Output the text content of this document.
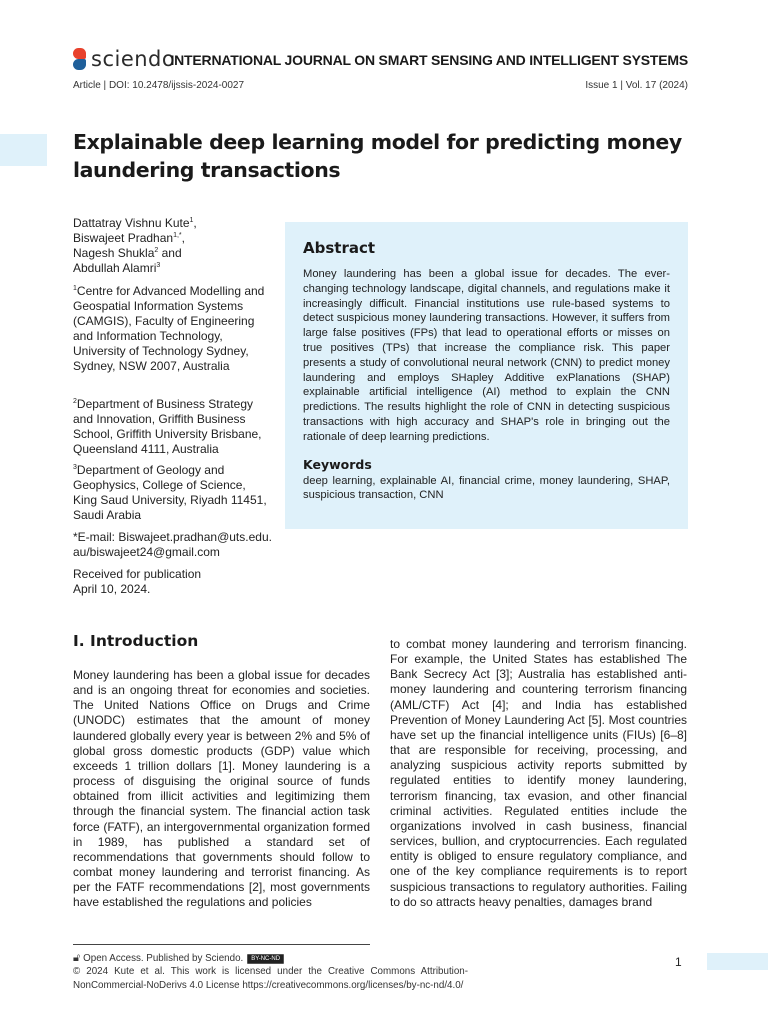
sciendo
INTERNATIONAL JOURNAL ON SMART SENSING AND INTELLIGENT SYSTEMS
Article | DOI: 10.2478/ijssis-2024-0027	Issue 1 | Vol. 17 (2024)
Explainable deep learning model for predicting money laundering transactions
Dattatray Vishnu Kute$^1$,
Biswajeet Pradhan$^{1,*}$,
Nagesh Shukla$^2$ and
Abdullah Alamri$^3$
$^1$Centre for Advanced Modelling and Geospatial Information Systems (CAMGIS), Faculty of Engineering and Information Technology, University of Technology Sydney, Sydney, NSW 2007, Australia
$^2$Department of Business Strategy and Innovation, Griffith Business School, Griffith University Brisbane, Queensland 4111, Australia
$^3$Department of Geology and Geophysics, College of Science, King Saud University, Riyadh 11451, Saudi Arabia
*E-mail: Biswajeet.pradhan@uts.edu.au/biswajeet24@gmail.com
Received for publication
April 10, 2024.
Abstract

Money laundering has been a global issue for decades. The ever-changing technology landscape, digital channels, and regulations make it increasingly difficult. Financial institutions use rule-based systems to detect suspicious money laundering transactions. However, it suffers from large false positives (FPs) that lead to operational efforts or misses on true positives (TPs) that increase the compliance risk. This paper presents a study of convolutional neural network (CNN) to predict money laundering and employs SHapley Additive exPlanations (SHAP) explainable artificial intelligence (AI) method to explain the CNN predictions. The results highlight the role of CNN in detecting suspicious transactions with high accuracy and SHAP's role in bringing out the rationale of deep learning predictions.

Keywords

deep learning, explainable AI, financial crime, money laundering, SHAP, suspicious transaction, CNN

I. Introduction

Money laundering has been a global issue for decades and is an ongoing threat for economies and societies. The United Nations Office on Drugs and Crime (UNODC) estimates that the amount of money laundered globally every year is between 2% and 5% of global gross domestic products (GDP) value which exceeds 1 trillion dollars [1]. Money laundering is a process of disguising the original source of funds obtained from illicit activities and legitimizing them through the financial system. The financial action task force (FATF), an intergovernmental organization formed in 1989, has published a standard set of recommendations that governments should follow to combat money laundering and terrorist financing. As per the FATF recommendations [2], most governments have established the regulations and policies

to combat money laundering and terrorism financing. For example, the United States has established The Bank Secrecy Act [3]; Australia has established anti-money laundering and countering terrorism financing (AML/CTF) Act [4]; and India has established Prevention of Money Laundering Act [5]. Most countries have set up the financial intelligence units (FIUs) [6–8] that are responsible for receiving, processing, and analyzing suspicious activity reports submitted by regulated entities to identify money laundering, terrorism financing, tax evasion, and other financial criminal activities. Regulated entities include the organizations involved in cash business, financial services, bullion, and cryptocurrencies. Each regulated entity is obliged to ensure regulatory compliance, and one of the key compliance requirements is to report suspicious transactions to regulatory authorities. Failing to do so attracts heavy penalties, damages brand

🔓︎ Open Access. Published by Sciendo.	BY-NC-ND
© 2024 Kute et al. This work is licensed under the Creative Commons Attribution-NonCommercial-NoDerivs 4.0 License https://creativecommons.org/licenses/by-nc-nd/4.0/
1
